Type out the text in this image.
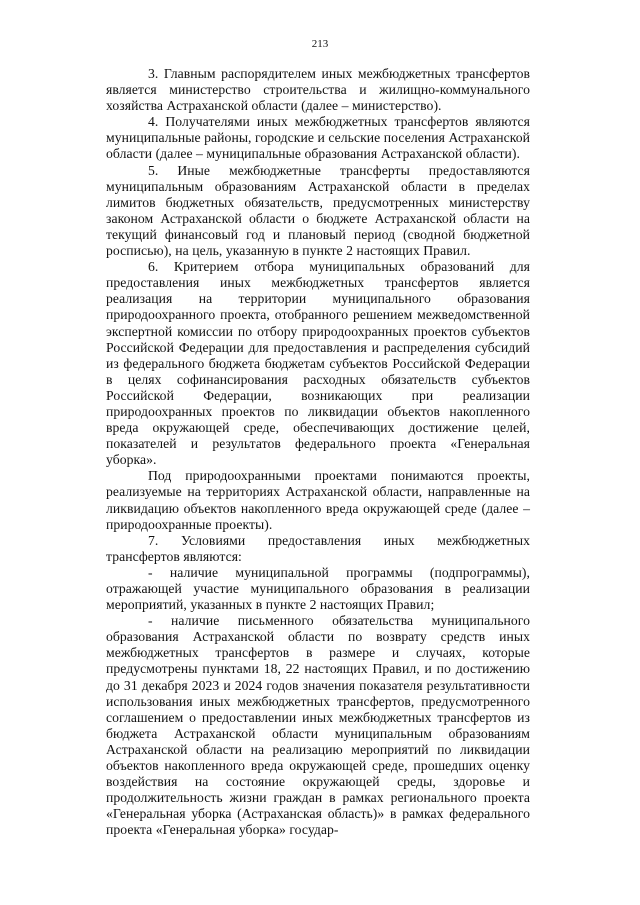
213

3. Главным распорядителем иных межбюджетных трансфертов является министерство строительства и жилищно-коммунального хозяйства Астраханской области (далее – министерство).

4. Получателями иных межбюджетных трансфертов являются муниципальные районы, городские и сельские поселения Астраханской области (далее – муниципальные образования Астраханской области).

5. Иные межбюджетные трансферты предоставляются муниципальным образованиям Астраханской области в пределах лимитов бюджетных обязательств, предусмотренных министерству законом Астраханской области о бюджете Астраханской области на текущий финансовый год и плановый период (сводной бюджетной росписью), на цель, указанную в пункте 2 настоящих Правил.

6. Критерием отбора муниципальных образований для предоставления иных межбюджетных трансфертов является реализация на территории муниципального образования природоохранного проекта, отобранного решением межведомственной экспертной комиссии по отбору природоохранных проектов субъектов Российской Федерации для предоставления и распределения субсидий из федерального бюджета бюджетам субъектов Российской Федерации в целях софинансирования расходных обязательств субъектов Российской Федерации, возникающих при реализации природоохранных проектов по ликвидации объектов накопленного вреда окружающей среде, обеспечивающих достижение целей, показателей и результатов федерального проекта «Генеральная уборка».

Под природоохранными проектами понимаются проекты, реализуемые на территориях Астраханской области, направленные на ликвидацию объектов накопленного вреда окружающей среде (далее – природоохранные проекты).

7. Условиями предоставления иных межбюджетных трансфертов являются:

- наличие муниципальной программы (подпрограммы), отражающей участие муниципального образования в реализации мероприятий, указанных в пункте 2 настоящих Правил;

- наличие письменного обязательства муниципального образования Астраханской области по возврату средств иных межбюджетных трансфертов в размере и случаях, которые предусмотрены пунктами 18, 22 настоящих Правил, и по достижению до 31 декабря 2023 и 2024 годов значения показателя результативности использования иных межбюджетных трансфертов, предусмотренного соглашением о предоставлении иных межбюджетных трансфертов из бюджета Астраханской области муниципальным образованиям Астраханской области на реализацию мероприятий по ликвидации объектов накопленного вреда окружающей среде, прошедших оценку воздействия на состояние окружающей среды, здоровье и продолжительность жизни граждан в рамках регионального проекта «Генеральная уборка (Астраханская область)» в рамках федерального проекта «Генеральная уборка» государ-
